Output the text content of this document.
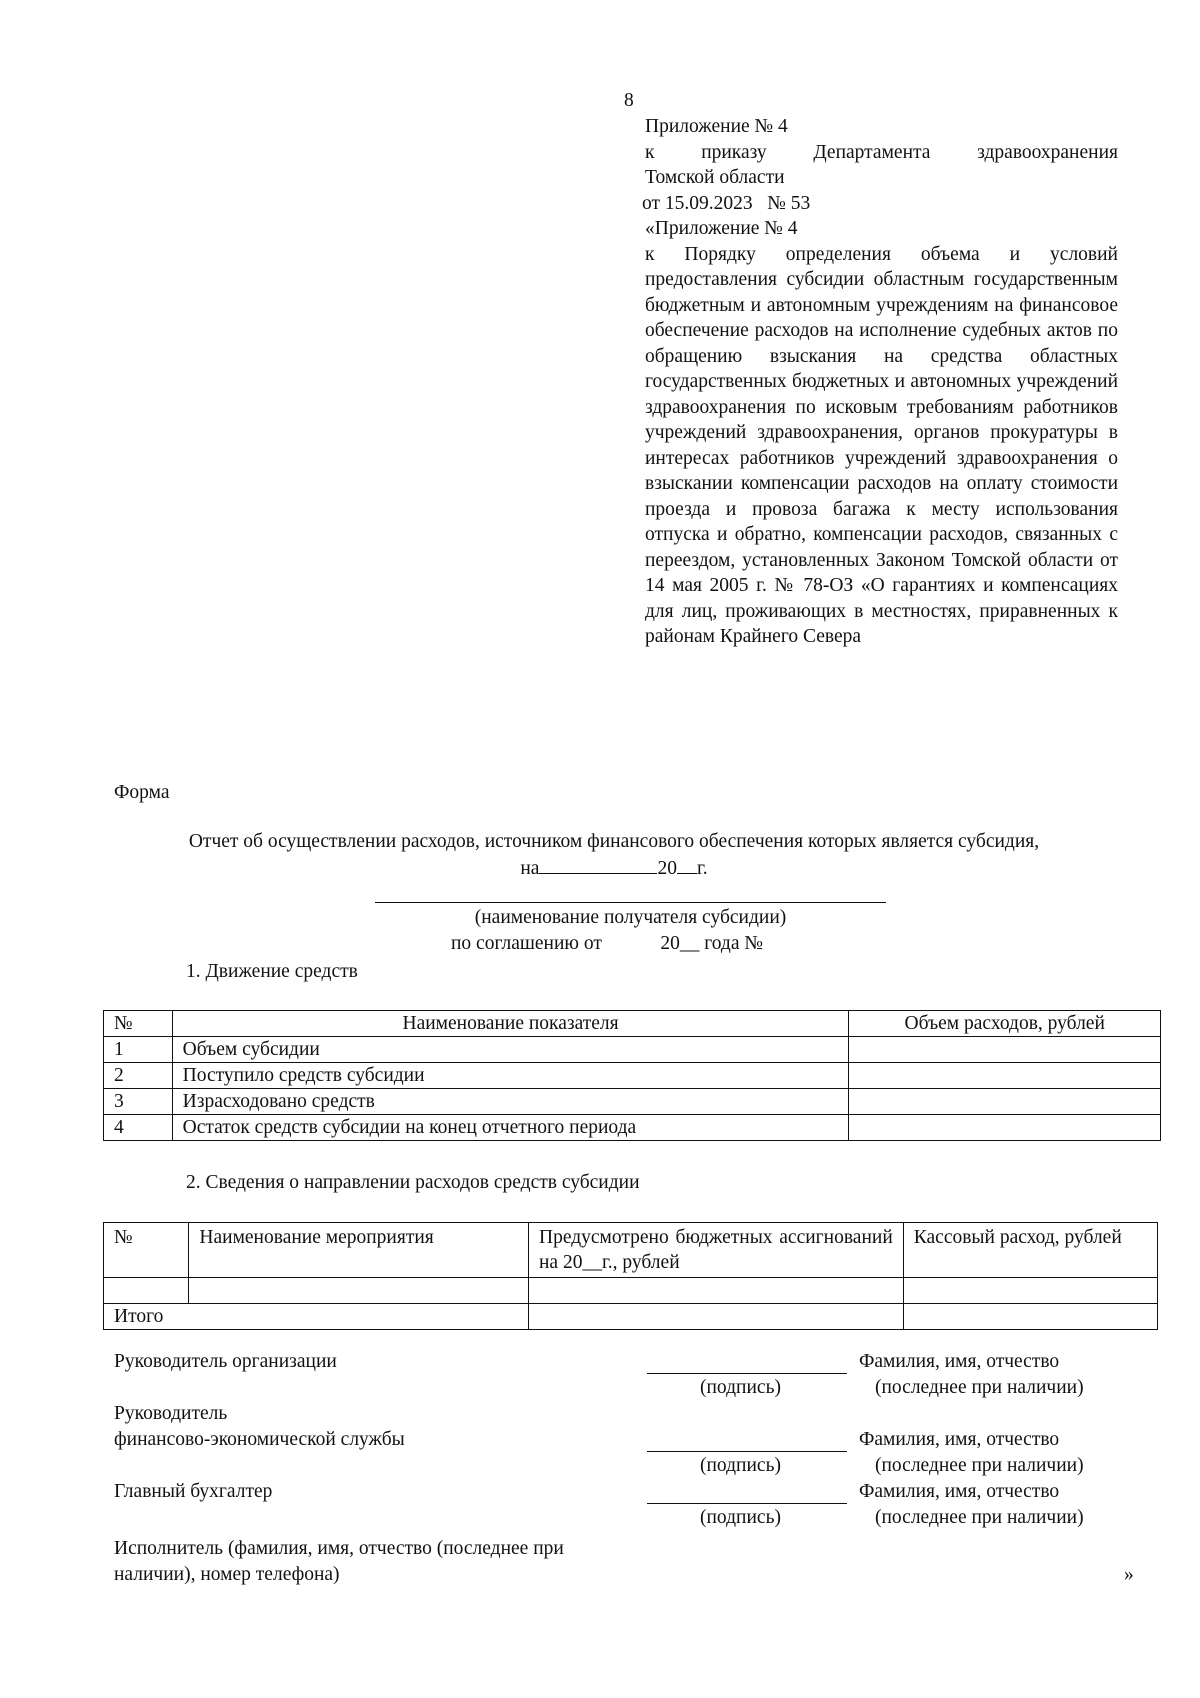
8
Приложение № 4
к приказу Департамента здравоохранения
Томской области
от 15.09.2023   № 53
«Приложение № 4
к Порядку определения объема и условий предоставления субсидии областным государственным бюджетным и автономным учреждениям на финансовое обеспечение расходов на исполнение судебных актов по обращению взыскания на средства областных государственных бюджетных и автономных учреждений здравоохранения по исковым требованиям работников учреждений здравоохранения, органов прокуратуры в интересах работников учреждений здравоохранения о взыскании компенсации расходов на оплату стоимости проезда и провоза багажа к месту использования отпуска и обратно, компенсации расходов, связанных с переездом, установленных Законом Томской области от 14 мая 2005 г. № 78-ОЗ «О гарантиях и компенсациях для лиц, проживающих в местностях, приравненных к районам Крайнего Севера
Форма
Отчет об осуществлении расходов, источником финансового обеспечения которых является субсидия,
на	20 г.
(наименование получателя субсидии)
по соглашению от            20__ года №
1. Движение средств
№	Наименование показателя	Объем расходов, рублей
1	Объем субсидии	
2	Поступило средств субсидии	
3	Израсходовано средств	
4	Остаток средств субсидии на конец отчетного периода	
2. Сведения о направлении расходов средств субсидии
№	Наименование мероприятия	Предусмотрено бюджетных ассигнований на 20__г., рублей	Кассовый расход, рублей

Итого			
Руководитель организации	Фамилия, имя, отчество
(подпись)	(последнее при наличии)
Руководитель
финансово-экономической службы	Фамилия, имя, отчество
(подпись)	(последнее при наличии)
Главный бухгалтер	Фамилия, имя, отчество
(подпись)	(последнее при наличии)
Исполнитель (фамилия, имя, отчество (последнее при
наличии), номер телефона)	»
